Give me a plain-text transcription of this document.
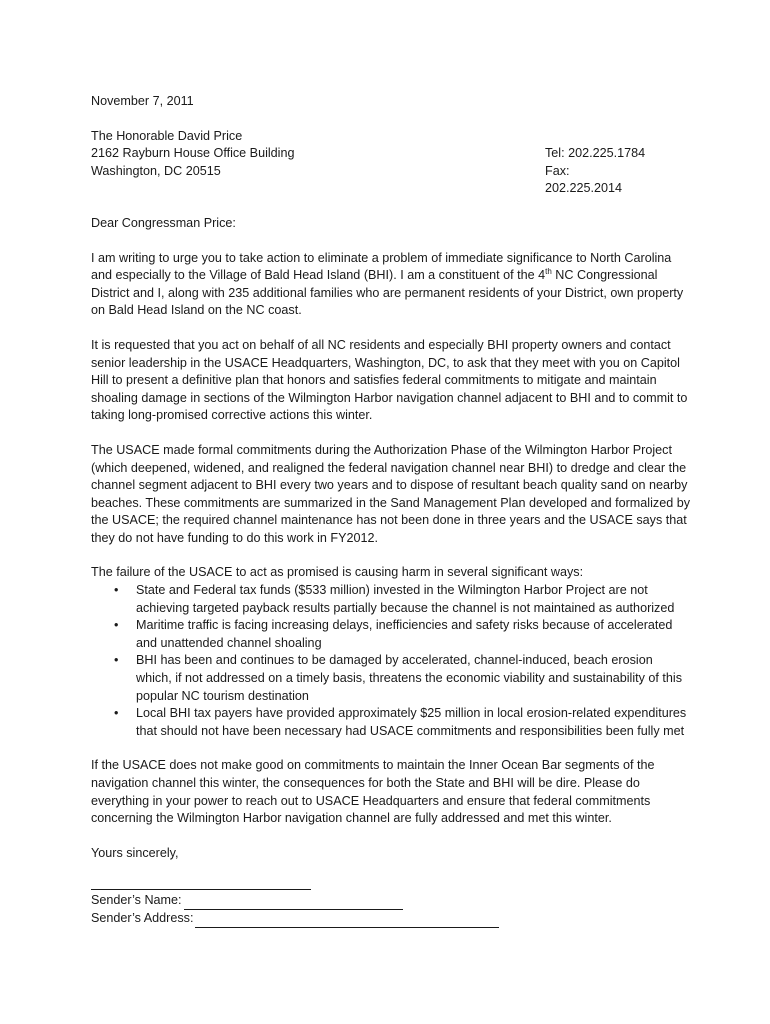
November 7, 2011

The Honorable David Price

2162 Rayburn House Office Building	Tel: 202.225.1784
Washington, DC 20515	Fax: 202.225.2014

Dear Congressman Price:

I am writing to urge you to take action to eliminate a problem of immediate significance to North Carolina and especially to the Village of Bald Head Island (BHI). I am a constituent of the 4th NC Congressional District and I, along with 235 additional families who are permanent residents of your District, own property on Bald Head Island on the NC coast.

It is requested that you act on behalf of all NC residents and especially BHI property owners and contact senior leadership in the USACE Headquarters, Washington, DC, to ask that they meet with you on Capitol Hill to present a definitive plan that honors and satisfies federal commitments to mitigate and maintain shoaling damage in sections of the Wilmington Harbor navigation channel adjacent to BHI and to commit to taking long-promised corrective actions this winter.

The USACE made formal commitments during the Authorization Phase of the Wilmington Harbor Project (which deepened, widened, and realigned the federal navigation channel near BHI) to dredge and clear the channel segment adjacent to BHI every two years and to dispose of resultant beach quality sand on nearby beaches. These commitments are summarized in the Sand Management Plan developed and formalized by the USACE; the required channel maintenance has not been done in three years and the USACE says that they do not have funding to do this work in FY2012.

The failure of the USACE to act as promised is causing harm in several significant ways:

• State and Federal tax funds ($533 million) invested in the Wilmington Harbor Project are not achieving targeted payback results partially because the channel is not maintained as authorized
• Maritime traffic is facing increasing delays, inefficiencies and safety risks because of accelerated and unattended channel shoaling
• BHI has been and continues to be damaged by accelerated, channel-induced, beach erosion which, if not addressed on a timely basis, threatens the economic viability and sustainability of this popular NC tourism destination
• Local BHI tax payers have provided approximately $25 million in local erosion-related expenditures that should not have been necessary had USACE commitments and responsibilities been fully met

If the USACE does not make good on commitments to maintain the Inner Ocean Bar segments of the navigation channel this winter, the consequences for both the State and BHI will be dire. Please do everything in your power to reach out to USACE Headquarters and ensure that federal commitments concerning the Wilmington Harbor navigation channel are fully addressed and met this winter.

Yours sincerely,

Sender’s Name:
Sender’s Address:
